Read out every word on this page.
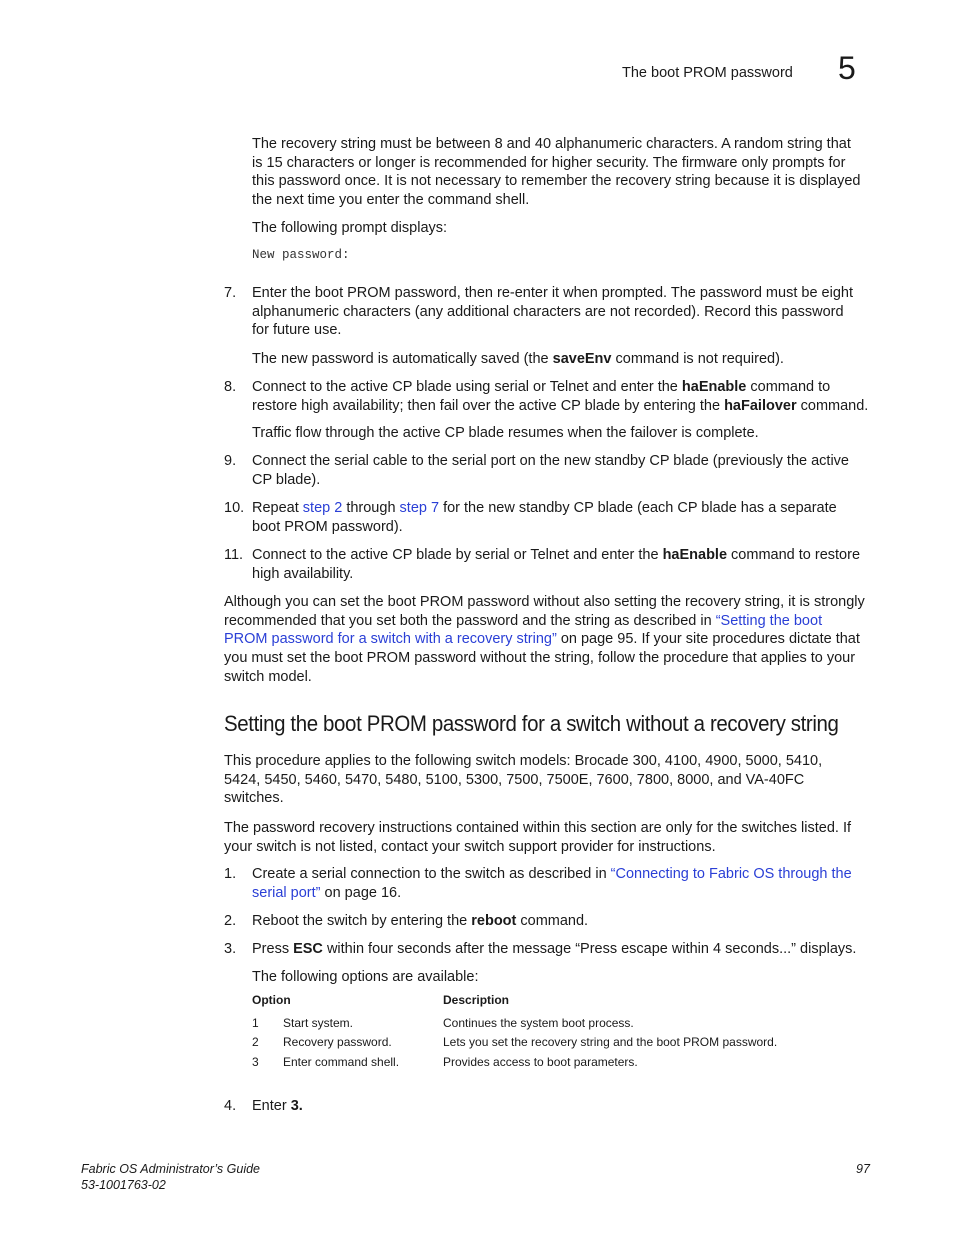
The boot PROM password 5
The recovery string must be between 8 and 40 alphanumeric characters. A random string that
is 15 characters or longer is recommended for higher security. The firmware only prompts for
this password once. It is not necessary to remember the recovery string because it is displayed
the next time you enter the command shell.
The following prompt displays:
New password:
7. Enter the boot PROM password, then re-enter it when prompted. The password must be eight
alphanumeric characters (any additional characters are not recorded). Record this password
for future use.
The new password is automatically saved (the saveEnv command is not required).
8. Connect to the active CP blade using serial or Telnet and enter the haEnable command to
restore high availability; then fail over the active CP blade by entering the haFailover command.
Traffic flow through the active CP blade resumes when the failover is complete.
9. Connect the serial cable to the serial port on the new standby CP blade (previously the active
CP blade).
10. Repeat step 2 through step 7 for the new standby CP blade (each CP blade has a separate
boot PROM password).
11. Connect to the active CP blade by serial or Telnet and enter the haEnable command to restore
high availability.
Although you can set the boot PROM password without also setting the recovery string, it is strongly
recommended that you set both the password and the string as described in “Setting the boot
PROM password for a switch with a recovery string” on page 95. If your site procedures dictate that
you must set the boot PROM password without the string, follow the procedure that applies to your
switch model.
Setting the boot PROM password for a switch without a recovery string
This procedure applies to the following switch models: Brocade 300, 4100, 4900, 5000, 5410,
5424, 5450, 5460, 5470, 5480, 5100, 5300, 7500, 7500E, 7600, 7800, 8000, and VA-40FC
switches.
The password recovery instructions contained within this section are only for the switches listed. If
your switch is not listed, contact your switch support provider for instructions.
1. Create a serial connection to the switch as described in “Connecting to Fabric OS through the
serial port” on page 16.
2. Reboot the switch by entering the reboot command.
3. Press ESC within four seconds after the message “Press escape within 4 seconds...” displays.
The following options are available:
Option		Description
1	Start system.	Continues the system boot process.
2	Recovery password.	Lets you set the recovery string and the boot PROM password.
3	Enter command shell.	Provides access to boot parameters.
4. Enter 3.
Fabric OS Administrator’s Guide
53-1001763-02
97
